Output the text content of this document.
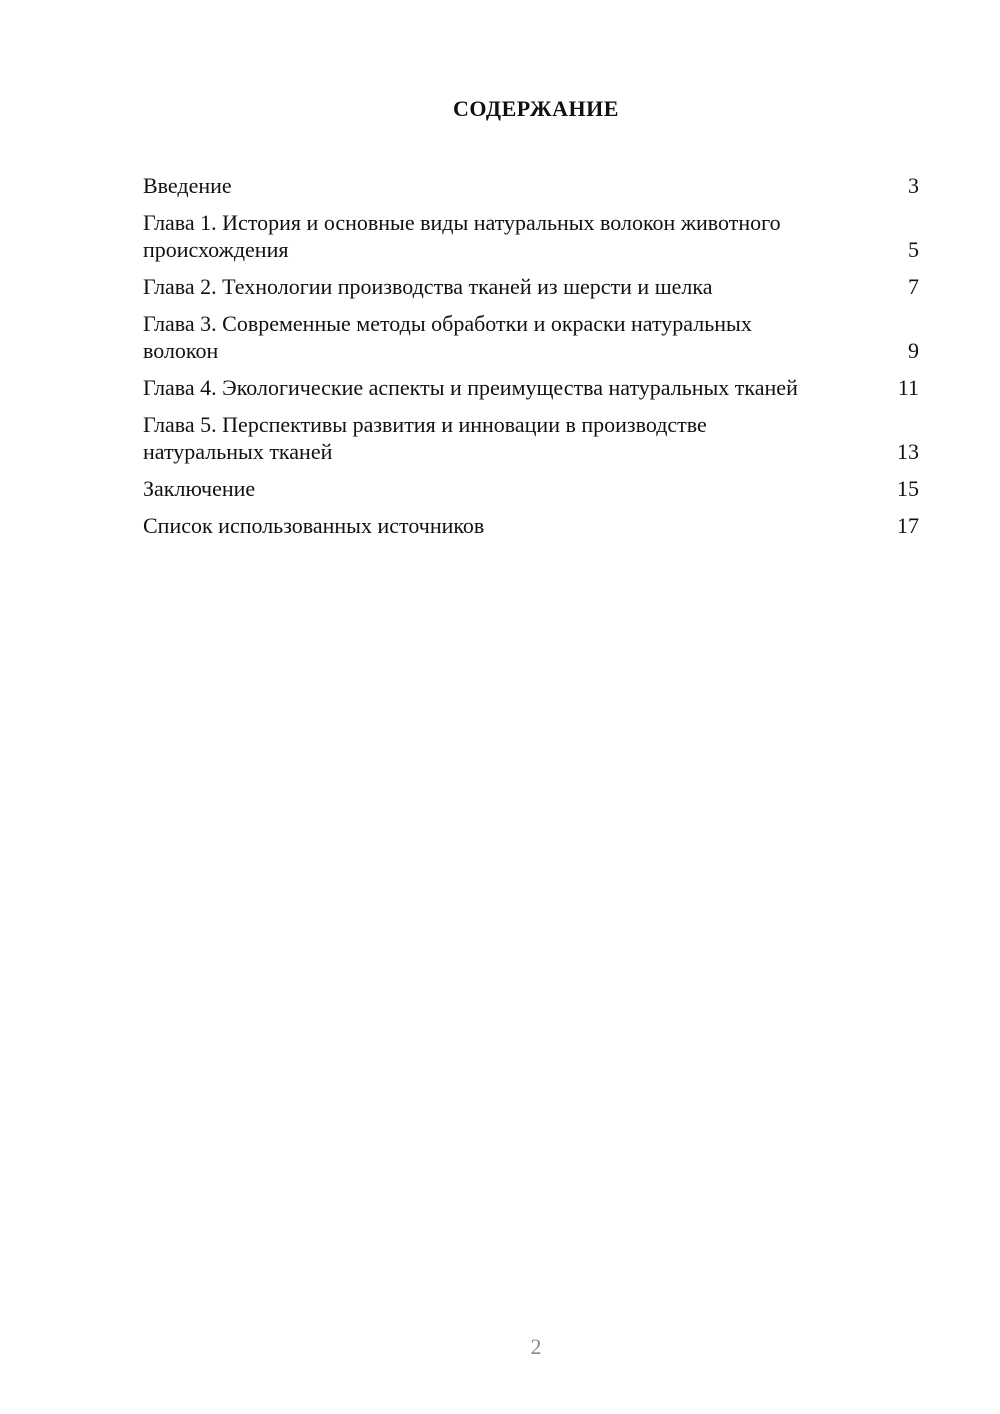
СОДЕРЖАНИЕ
Введение	3
Глава 1. История и основные виды натуральных волокон животного происхождения	5
Глава 2. Технологии производства тканей из шерсти и шелка	7
Глава 3. Современные методы обработки и окраски натуральных волокон	9
Глава 4. Экологические аспекты и преимущества натуральных тканей	11
Глава 5. Перспективы развития и инновации в производстве натуральных тканей	13
Заключение	15
Список использованных источников	17
2
